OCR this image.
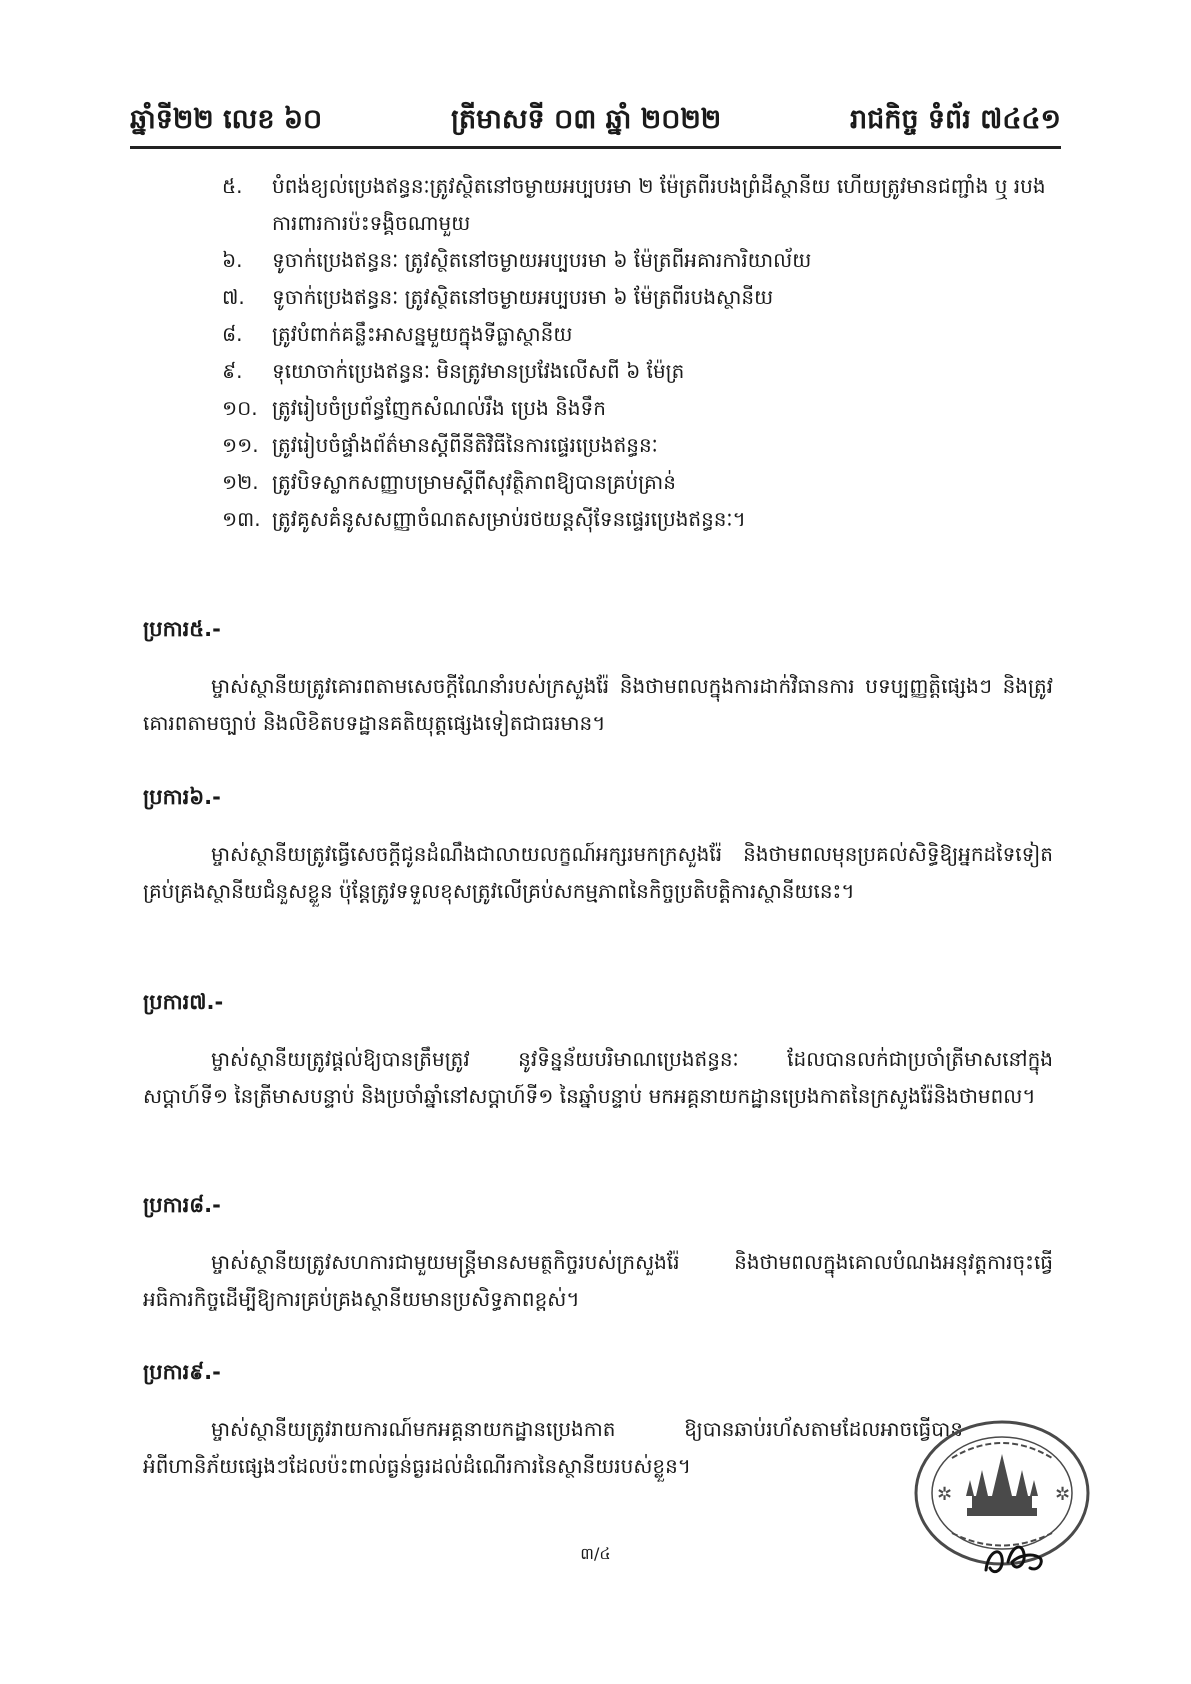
ឆ្នាំទី២២ លេខ ៦០	ត្រីមាសទី ០៣ ឆ្នាំ ២០២២	រាជកិច្ច ទំព័រ ៧៤៤១
៥. បំពង់ខ្យល់ប្រេងឥន្ធនៈត្រូវស្ថិតនៅចម្ងាយអប្បបរមា ២ ម៉ែត្រពីរបងព្រំដីស្ថានីយ ហើយត្រូវមានជញ្ជាំង ឬ របងការពារការប៉ះទង្គិចណាមួយ
៦. ទូចាក់ប្រេងឥន្ធនៈ ត្រូវស្ថិតនៅចម្ងាយអប្បបរមា ៦ ម៉ែត្រពីអគារការិយាល័យ
៧. ទូចាក់ប្រេងឥន្ធនៈ ត្រូវស្ថិតនៅចម្ងាយអប្បបរមា ៦ ម៉ែត្រពីរបងស្ថានីយ
៨. ត្រូវបំពាក់គន្លឹះអាសន្នមួយក្នុងទីធ្លាស្ថានីយ
៩. ទុយោចាក់ប្រេងឥន្ធនៈ មិនត្រូវមានប្រវែងលើសពី ៦ ម៉ែត្រ
១០. ត្រូវរៀបចំប្រព័ន្ធញែកសំណល់រឹង ប្រេង និងទឹក
១១. ត្រូវរៀបចំផ្ទាំងព័ត៌មានស្តីពីនីតិវិធីនៃការផ្ទេរប្រេងឥន្ធនៈ
១២. ត្រូវបិទស្លាកសញ្ញាបម្រាមស្តីពីសុវត្ថិភាពឱ្យបានគ្រប់គ្រាន់
១៣. ត្រូវគូសគំនូសសញ្ញាចំណតសម្រាប់រថយន្តស៊ីទែនផ្ទេរប្រេងឥន្ធនៈ។
ប្រការ៥.-

ម្ចាស់ស្ថានីយត្រូវគោរពតាមសេចក្តីណែនាំរបស់ក្រសួងរ៉ែ និងថាមពលក្នុងការដាក់វិធានការ បទប្បញ្ញត្តិផ្សេងៗ និងត្រូវគោរពតាមច្បាប់ និងលិខិតបទដ្ឋានគតិយុត្តផ្សេងទៀតជាធរមាន។

ប្រការ៦.-

ម្ចាស់ស្ថានីយត្រូវធ្វើសេចក្តីជូនដំណឹងជាលាយលក្ខណ៍អក្សរមកក្រសួងរ៉ែ និងថាមពលមុនប្រគល់សិទ្ធិឱ្យអ្នកដទៃទៀតគ្រប់គ្រងស្ថានីយជំនួសខ្លួន ប៉ុន្តែត្រូវទទួលខុសត្រូវលើគ្រប់សកម្មភាពនៃកិច្ចប្រតិបត្តិការស្ថានីយនេះ។

ប្រការ៧.-

ម្ចាស់ស្ថានីយត្រូវផ្តល់ឱ្យបានត្រឹមត្រូវ នូវទិន្នន័យបរិមាណប្រេងឥន្ធនៈ ដែលបានលក់ជាប្រចាំត្រីមាសនៅក្នុងសប្តាហ៍ទី១ នៃត្រីមាសបន្ទាប់ និងប្រចាំឆ្នាំនៅសប្តាហ៍ទី១ នៃឆ្នាំបន្ទាប់ មកអគ្គនាយកដ្ឋានប្រេងកាតនៃក្រសួងរ៉ែនិងថាមពល។

ប្រការ៨.-

ម្ចាស់ស្ថានីយត្រូវសហការជាមួយមន្ត្រីមានសមត្ថកិច្ចរបស់ក្រសួងរ៉ែ និងថាមពលក្នុងគោលបំណងអនុវត្តការចុះធ្វើអធិការកិច្ចដើម្បីឱ្យការគ្រប់គ្រងស្ថានីយមានប្រសិទ្ធភាពខ្ពស់។

ប្រការ៩.-

ម្ចាស់ស្ថានីយត្រូវរាយការណ៍មកអគ្គនាយកដ្ឋានប្រេងកាត ឱ្យបានឆាប់រហ័សតាមដែលអាចធ្វើបានអំពីហានិភ័យផ្សេងៗដែលប៉ះពាល់ធ្ងន់ធ្ងរដល់ដំណើរការនៃស្ថានីយរបស់ខ្លួន។

៣/៤
✲	✲
